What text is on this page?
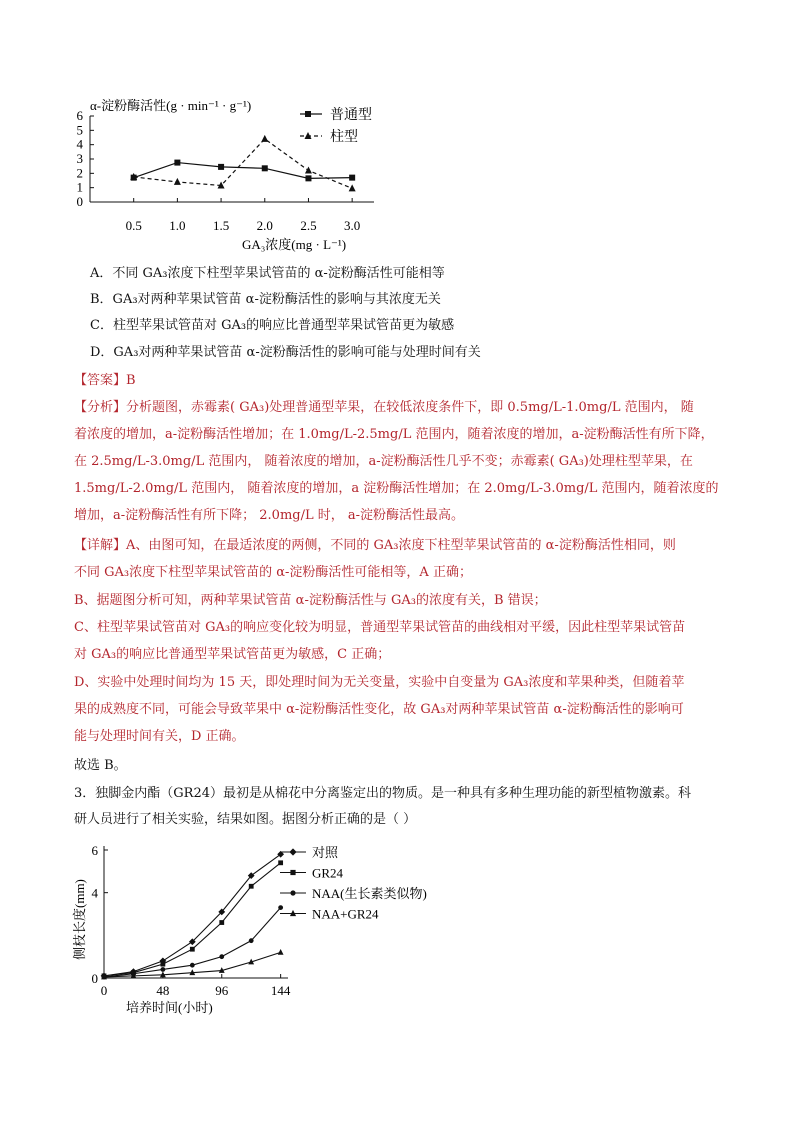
0
1
2
3
4
5
6
0.5 1.0 1.5 2.0 2.5 3.0
α-淀粉酶活性(g · min⁻¹ · g⁻¹)
GA₃浓度(mg · L⁻¹)
普通型
柱型
A．不同 GA₃浓度下柱型苹果试管苗的 α-淀粉酶活性可能相等
B．GA₃对两种苹果试管苗 α-淀粉酶活性的影响与其浓度无关
C．柱型苹果试管苗对 GA₃的响应比普通型苹果试管苗更为敏感
D．GA₃对两种苹果试管苗 α-淀粉酶活性的影响可能与处理时间有关
【答案】B
【分析】分析题图，赤霉素( GA₃)处理普通型苹果，在较低浓度条件下，即 0.5mg/L-1.0mg/L 范围内， 随
着浓度的增加，a-淀粉酶活性增加；在 1.0mg/L-2.5mg/L 范围内，随着浓度的增加，a-淀粉酶活性有所下降，
在 2.5mg/L-3.0mg/L 范围内， 随着浓度的增加，a-淀粉酶活性几乎不变；赤霉素( GA₃)处理柱型苹果，在
1.5mg/L-2.0mg/L 范围内， 随着浓度的增加，a 淀粉酶活性增加；在 2.0mg/L-3.0mg/L 范围内，随着浓度的
增加，a-淀粉酶活性有所下降； 2.0mg/L 时， a-淀粉酶活性最高。
【详解】A、由图可知，在最适浓度的两侧，不同的 GA₃浓度下柱型苹果试管苗的 α-淀粉酶活性相同，则
不同 GA₃浓度下柱型苹果试管苗的 α-淀粉酶活性可能相等，A 正确；
B、据题图分析可知，两种苹果试管苗 α-淀粉酶活性与 GA₃的浓度有关，B 错误；
C、柱型苹果试管苗对 GA₃的响应变化较为明显，普通型苹果试管苗的曲线相对平缓，因此柱型苹果试管苗
对 GA₃的响应比普通型苹果试管苗更为敏感，C 正确；
D、实验中处理时间均为 15 天，即处理时间为无关变量，实验中自变量为 GA₃浓度和苹果种类，但随着苹
果的成熟度不同，可能会导致苹果中 α-淀粉酶活性变化，故 GA₃对两种苹果试管苗 α-淀粉酶活性的影响可
能与处理时间有关，D 正确。
故选 B。
3．独脚金内酯（GR24）最初是从棉花中分离鉴定出的物质。是一种具有多种生理功能的新型植物激素。科
研人员进行了相关实验，结果如图。据图分析正确的是（ ）
0
4
6
0	48	96	144
侧枝长度(mm)
培养时间(小时)
对照
GR24
NAA(生长素类似物)
NAA+GR24
